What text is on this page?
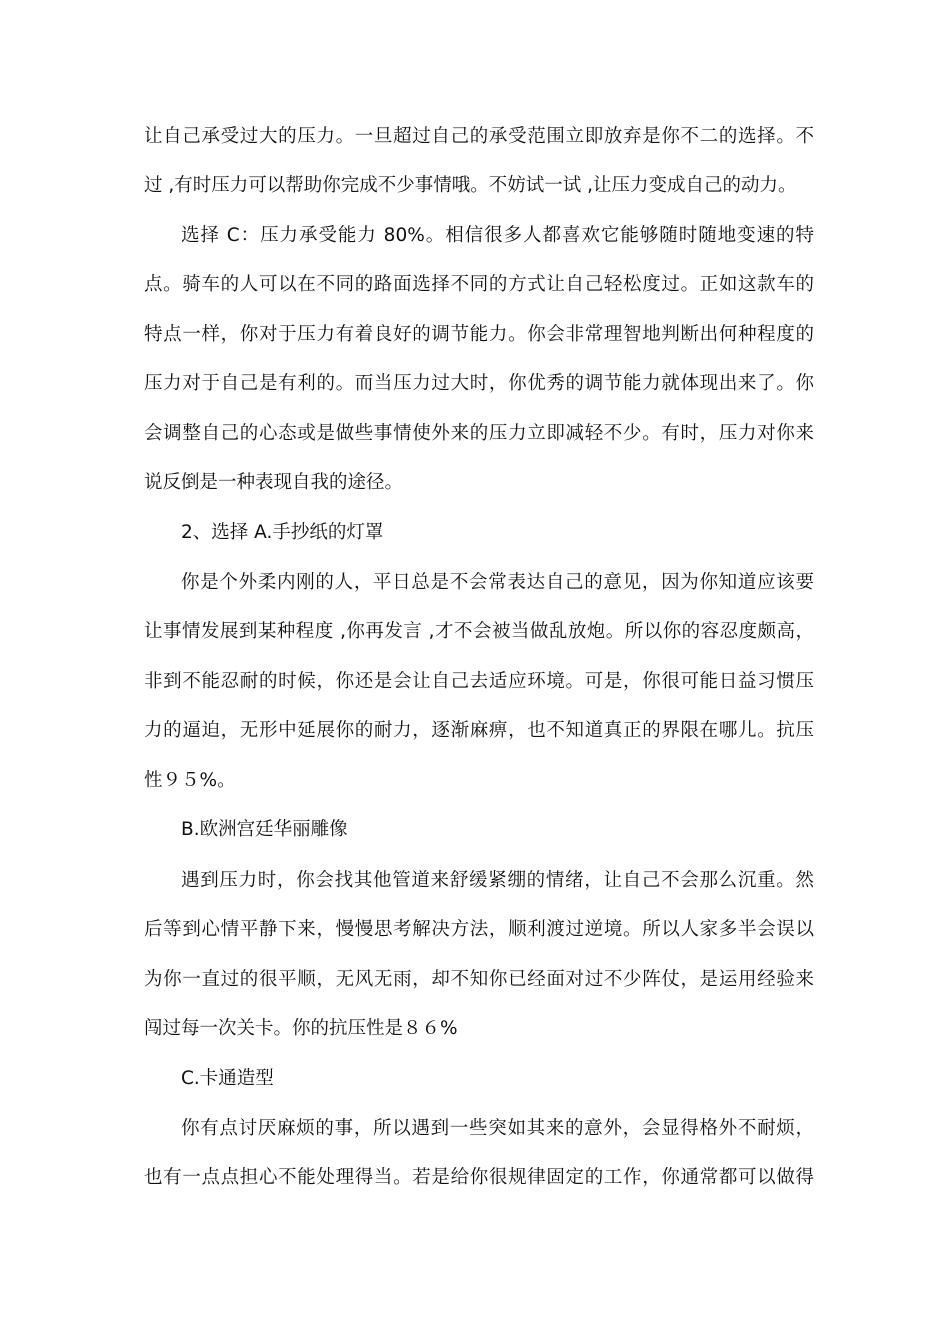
让自己承受过大的压力。一旦超过自己的承受范围立即放弃是你不二的选择。不
过 ,有时压力可以帮助你完成不少事情哦。不妨试一试 ,让压力变成自己的动力。
选择 C：压力承受能力 80%。相信很多人都喜欢它能够随时随地变速的特
点。骑车的人可以在不同的路面选择不同的方式让自己轻松度过。正如这款车的
特点一样，你对于压力有着良好的调节能力。你会非常理智地判断出何种程度的
压力对于自己是有利的。而当压力过大时，你优秀的调节能力就体现出来了。你
会调整自己的心态或是做些事情使外来的压力立即减轻不少。有时，压力对你来
说反倒是一种表现自我的途径。
2、选择 A.手抄纸的灯罩
你是个外柔内刚的人，平日总是不会常表达自己的意见，因为你知道应该要
让事情发展到某种程度 ,你再发言 ,才不会被当做乱放炮。所以你的容忍度颇高，
非到不能忍耐的时候，你还是会让自己去适应环境。可是，你很可能日益习惯压
力的逼迫，无形中延展你的耐力，逐渐麻痹，也不知道真正的界限在哪儿。抗压
性９５%。
B.欧洲宫廷华丽雕像
遇到压力时，你会找其他管道来舒缓紧绷的情绪，让自己不会那么沉重。然
后等到心情平静下来，慢慢思考解决方法，顺利渡过逆境。所以人家多半会误以
为你一直过的很平顺，无风无雨，却不知你已经面对过不少阵仗，是运用经验来
闯过每一次关卡。你的抗压性是８６%
C.卡通造型
你有点讨厌麻烦的事，所以遇到一些突如其来的意外，会显得格外不耐烦，
也有一点点担心不能处理得当。若是给你很规律固定的工作，你通常都可以做得
